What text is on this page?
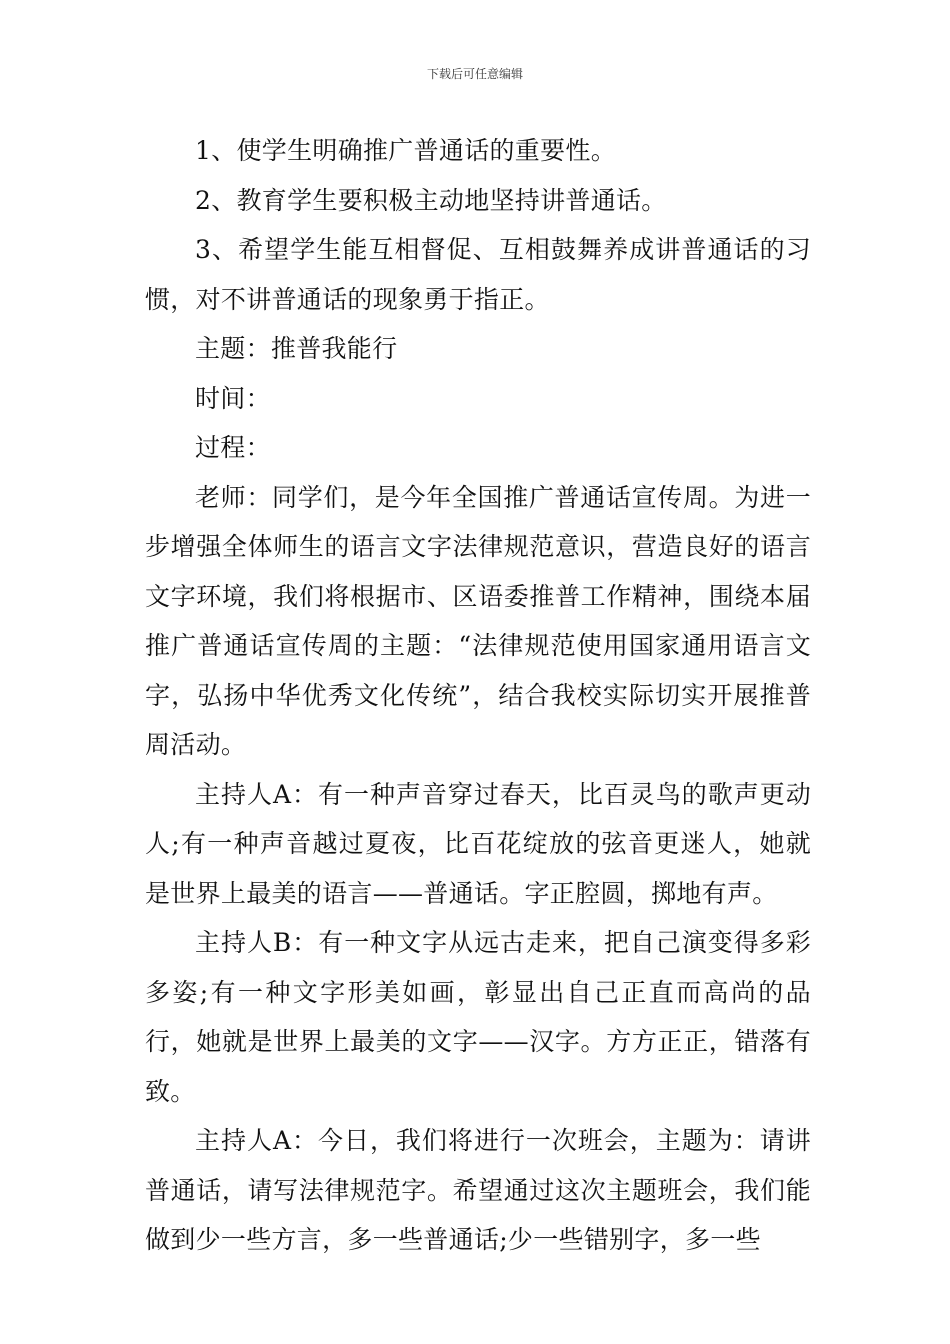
下载后可任意编辑

1、使学生明确推广普通话的重要性。

2、教育学生要积极主动地坚持讲普通话。

3、希望学生能互相督促、互相鼓舞养成讲普通话的习惯，对不讲普通话的现象勇于指正。

主题：推普我能行

时间：

过程：

老师：同学们，是今年全国推广普通话宣传周。为进一步增强全体师生的语言文字法律规范意识，营造良好的语言文字环境，我们将根据市、区语委推普工作精神，围绕本届推广普通话宣传周的主题：“法律规范使用国家通用语言文字，弘扬中华优秀文化传统”，结合我校实际切实开展推普周活动。

主持人A：有一种声音穿过春天，比百灵鸟的歌声更动人;有一种声音越过夏夜，比百花绽放的弦音更迷人，她就是世界上最美的语言——普通话。字正腔圆，掷地有声。

主持人B：有一种文字从远古走来，把自己演变得多彩多姿;有一种文字形美如画，彰显出自己正直而高尚的品行，她就是世界上最美的文字——汉字。方方正正，错落有致。

主持人A：今日，我们将进行一次班会，主题为：请讲普通话，请写法律规范字。希望通过这次主题班会，我们能做到少一些方言，多一些普通话;少一些错别字，多一些
